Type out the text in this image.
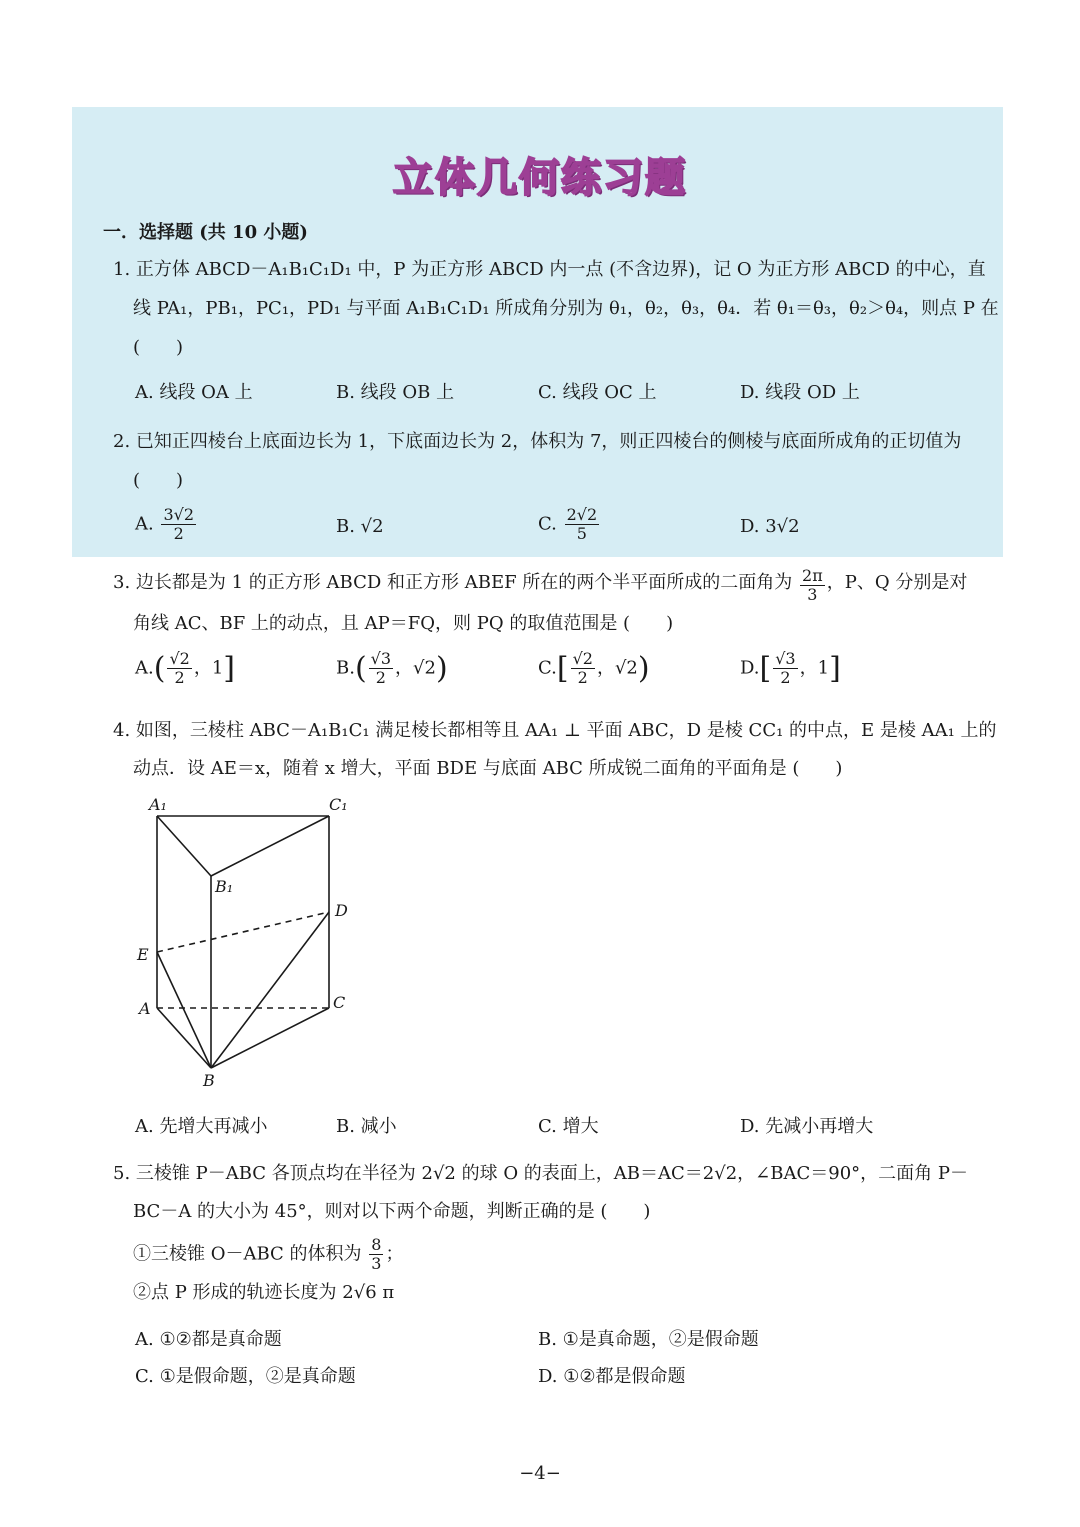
立体几何练习题
一．选择题 (共 10 小题)
1. 正方体 ABCD－A₁B₁C₁D₁ 中，P 为正方形 ABCD 内一点 (不含边界)，记 O 为正方形 ABCD 的中心，直
线 PA₁，PB₁，PC₁，PD₁ 与平面 A₁B₁C₁D₁ 所成角分别为 θ₁，θ₂，θ₃，θ₄．若 θ₁＝θ₃，θ₂＞θ₄，则点 P 在
(　　)
A. 线段 OA 上	B. 线段 OB 上	C. 线段 OC 上	D. 线段 OD 上
2. 已知正四棱台上底面边长为 1，下底面边长为 2，体积为 7，则正四棱台的侧棱与底面所成角的正切值为
(　　)
A. $\frac{3√2}{2}$	B. √2	C. $\frac{2√2}{5}$	D. 3√2
3. 边长都是为 1 的正方形 ABCD 和正方形 ABEF 所在的两个半平面所成的二面角为 $\frac{2\pi}{3}$ ，P、Q 分别是对
角线 AC、BF 上的动点，且 AP＝FQ，则 PQ 的取值范围是 (　　)
$A.( \frac{√2}{2}$ ，1]	$B.( \frac{√3}{2}$ ，√2)	$C.[ \frac{√2}{2}$ ，√2)	$D.[ \frac{√3}{2}$ ，1]
4. 如图，三棱柱 ABC－A₁B₁C₁ 满足棱长都相等且 AA₁ ⊥ 平面 ABC，D 是棱 CC₁ 的中点，E 是棱 AA₁ 上的
动点．设 AE＝x，随着 x 增大，平面 BDE 与底面 ABC 所成锐二面角的平面角是 (　　)
A₁	C₁
B₁
D
E
A	C
B
A. 先增大再减小	B. 减小	C. 增大	D. 先减小再增大
5. 三棱锥 P－ABC 各顶点均在半径为 2√2 的球 O 的表面上，AB＝AC＝2√2，∠BAC＝90°，二面角 P－
BC－A 的大小为 45°，则对以下两个命题，判断正确的是 (　　)
①三棱锥 O－ABC 的体积为 $\frac{8}{3}$ ；
②点 P 形成的轨迹长度为 2√6 π
A. ①②都是真命题	B. ①是真命题，②是假命题
C. ①是假命题，②是真命题	D. ①②都是假命题
−4−
